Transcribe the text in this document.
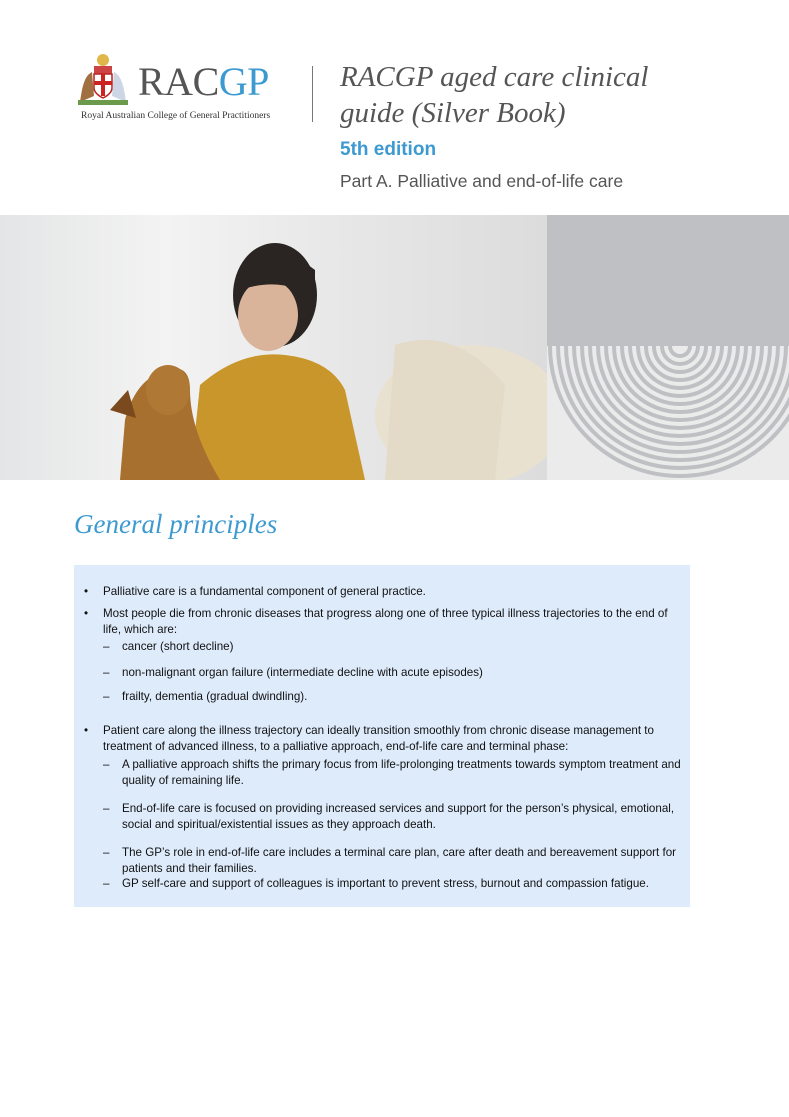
RACGP
Royal Australian College of General Practitioners
RACGP aged care clinical guide (Silver Book)
5th edition
Part A. Palliative and end-of-life care
General principles
• Palliative care is a fundamental component of general practice.
• Most people die from chronic diseases that progress along one of three typical illness trajectories to the end of life, which are:
– cancer (short decline)
– non-malignant organ failure (intermediate decline with acute episodes)
– frailty, dementia (gradual dwindling).
• Patient care along the illness trajectory can ideally transition smoothly from chronic disease management to treatment of advanced illness, to a palliative approach, end-of-life care and terminal phase:
– A palliative approach shifts the primary focus from life-prolonging treatments towards symptom treatment and quality of remaining life.
– End-of-life care is focused on providing increased services and support for the person’s physical, emotional, social and spiritual/existential issues as they approach death.
– The GP’s role in end-of-life care includes a terminal care plan, care after death and bereavement support for patients and their families.
– GP self-care and support of colleagues is important to prevent stress, burnout and compassion fatigue.
